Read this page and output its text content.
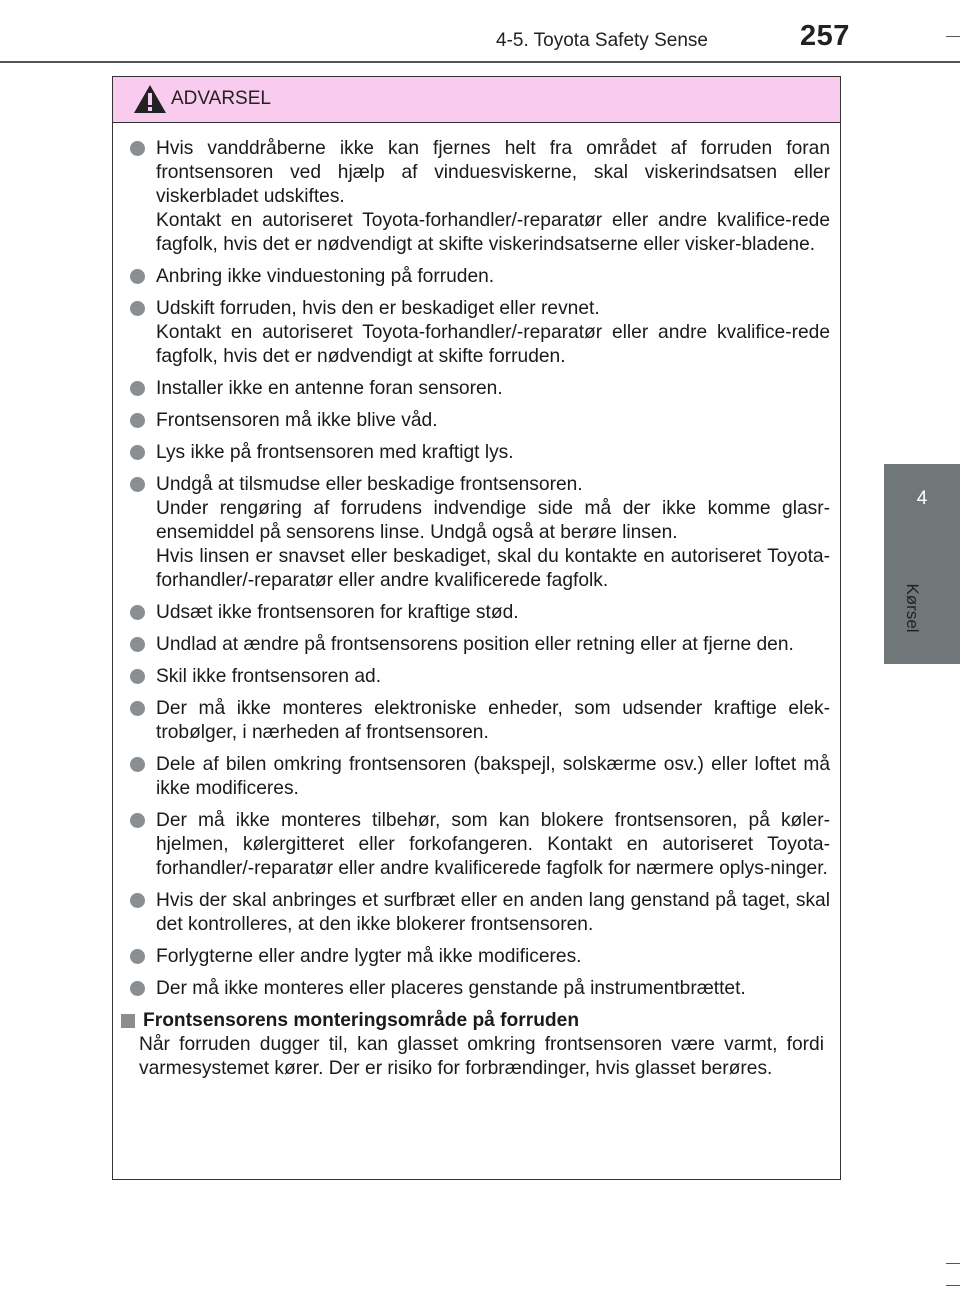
4-5. Toyota Safety Sense	257
4
Kørsel
ADVARSEL
Hvis vanddråberne ikke kan fjernes helt fra området af forruden foran frontsensoren ved hjælp af vinduesviskerne, skal viskerindsatsen eller viskerbladet udskiftes.
Kontakt en autoriseret Toyota-forhandler/-reparatør eller andre kvalifice-rede fagfolk, hvis det er nødvendigt at skifte viskerindsatserne eller visker-bladene.
Anbring ikke vinduestoning på forruden.
Udskift forruden, hvis den er beskadiget eller revnet.
Kontakt en autoriseret Toyota-forhandler/-reparatør eller andre kvalifice-rede fagfolk, hvis det er nødvendigt at skifte forruden.
Installer ikke en antenne foran sensoren.
Frontsensoren må ikke blive våd.
Lys ikke på frontsensoren med kraftigt lys.
Undgå at tilsmudse eller beskadige frontsensoren.
Under rengøring af forrudens indvendige side må der ikke komme glasr-ensemiddel på sensorens linse. Undgå også at berøre linsen.
Hvis linsen er snavset eller beskadiget, skal du kontakte en autoriseret Toyota-forhandler/-reparatør eller andre kvalificerede fagfolk.
Udsæt ikke frontsensoren for kraftige stød.
Undlad at ændre på frontsensorens position eller retning eller at fjerne den.
Skil ikke frontsensoren ad.
Der må ikke monteres elektroniske enheder, som udsender kraftige elek-trobølger, i nærheden af frontsensoren.
Dele af bilen omkring frontsensoren (bakspejl, solskærme osv.) eller loftet må ikke modificeres.
Der må ikke monteres tilbehør, som kan blokere frontsensoren, på køler-hjelmen, kølergitteret eller forkofangeren. Kontakt en autoriseret Toyota-forhandler/-reparatør eller andre kvalificerede fagfolk for nærmere oplys-ninger.
Hvis der skal anbringes et surfbræt eller en anden lang genstand på taget, skal det kontrolleres, at den ikke blokerer frontsensoren.
Forlygterne eller andre lygter må ikke modificeres.
Der må ikke monteres eller placeres genstande på instrumentbrættet.
Frontsensorens monteringsområde på forruden
Når forruden dugger til, kan glasset omkring frontsensoren være varmt, fordi varmesystemet kører. Der er risiko for forbrændinger, hvis glasset berøres.
